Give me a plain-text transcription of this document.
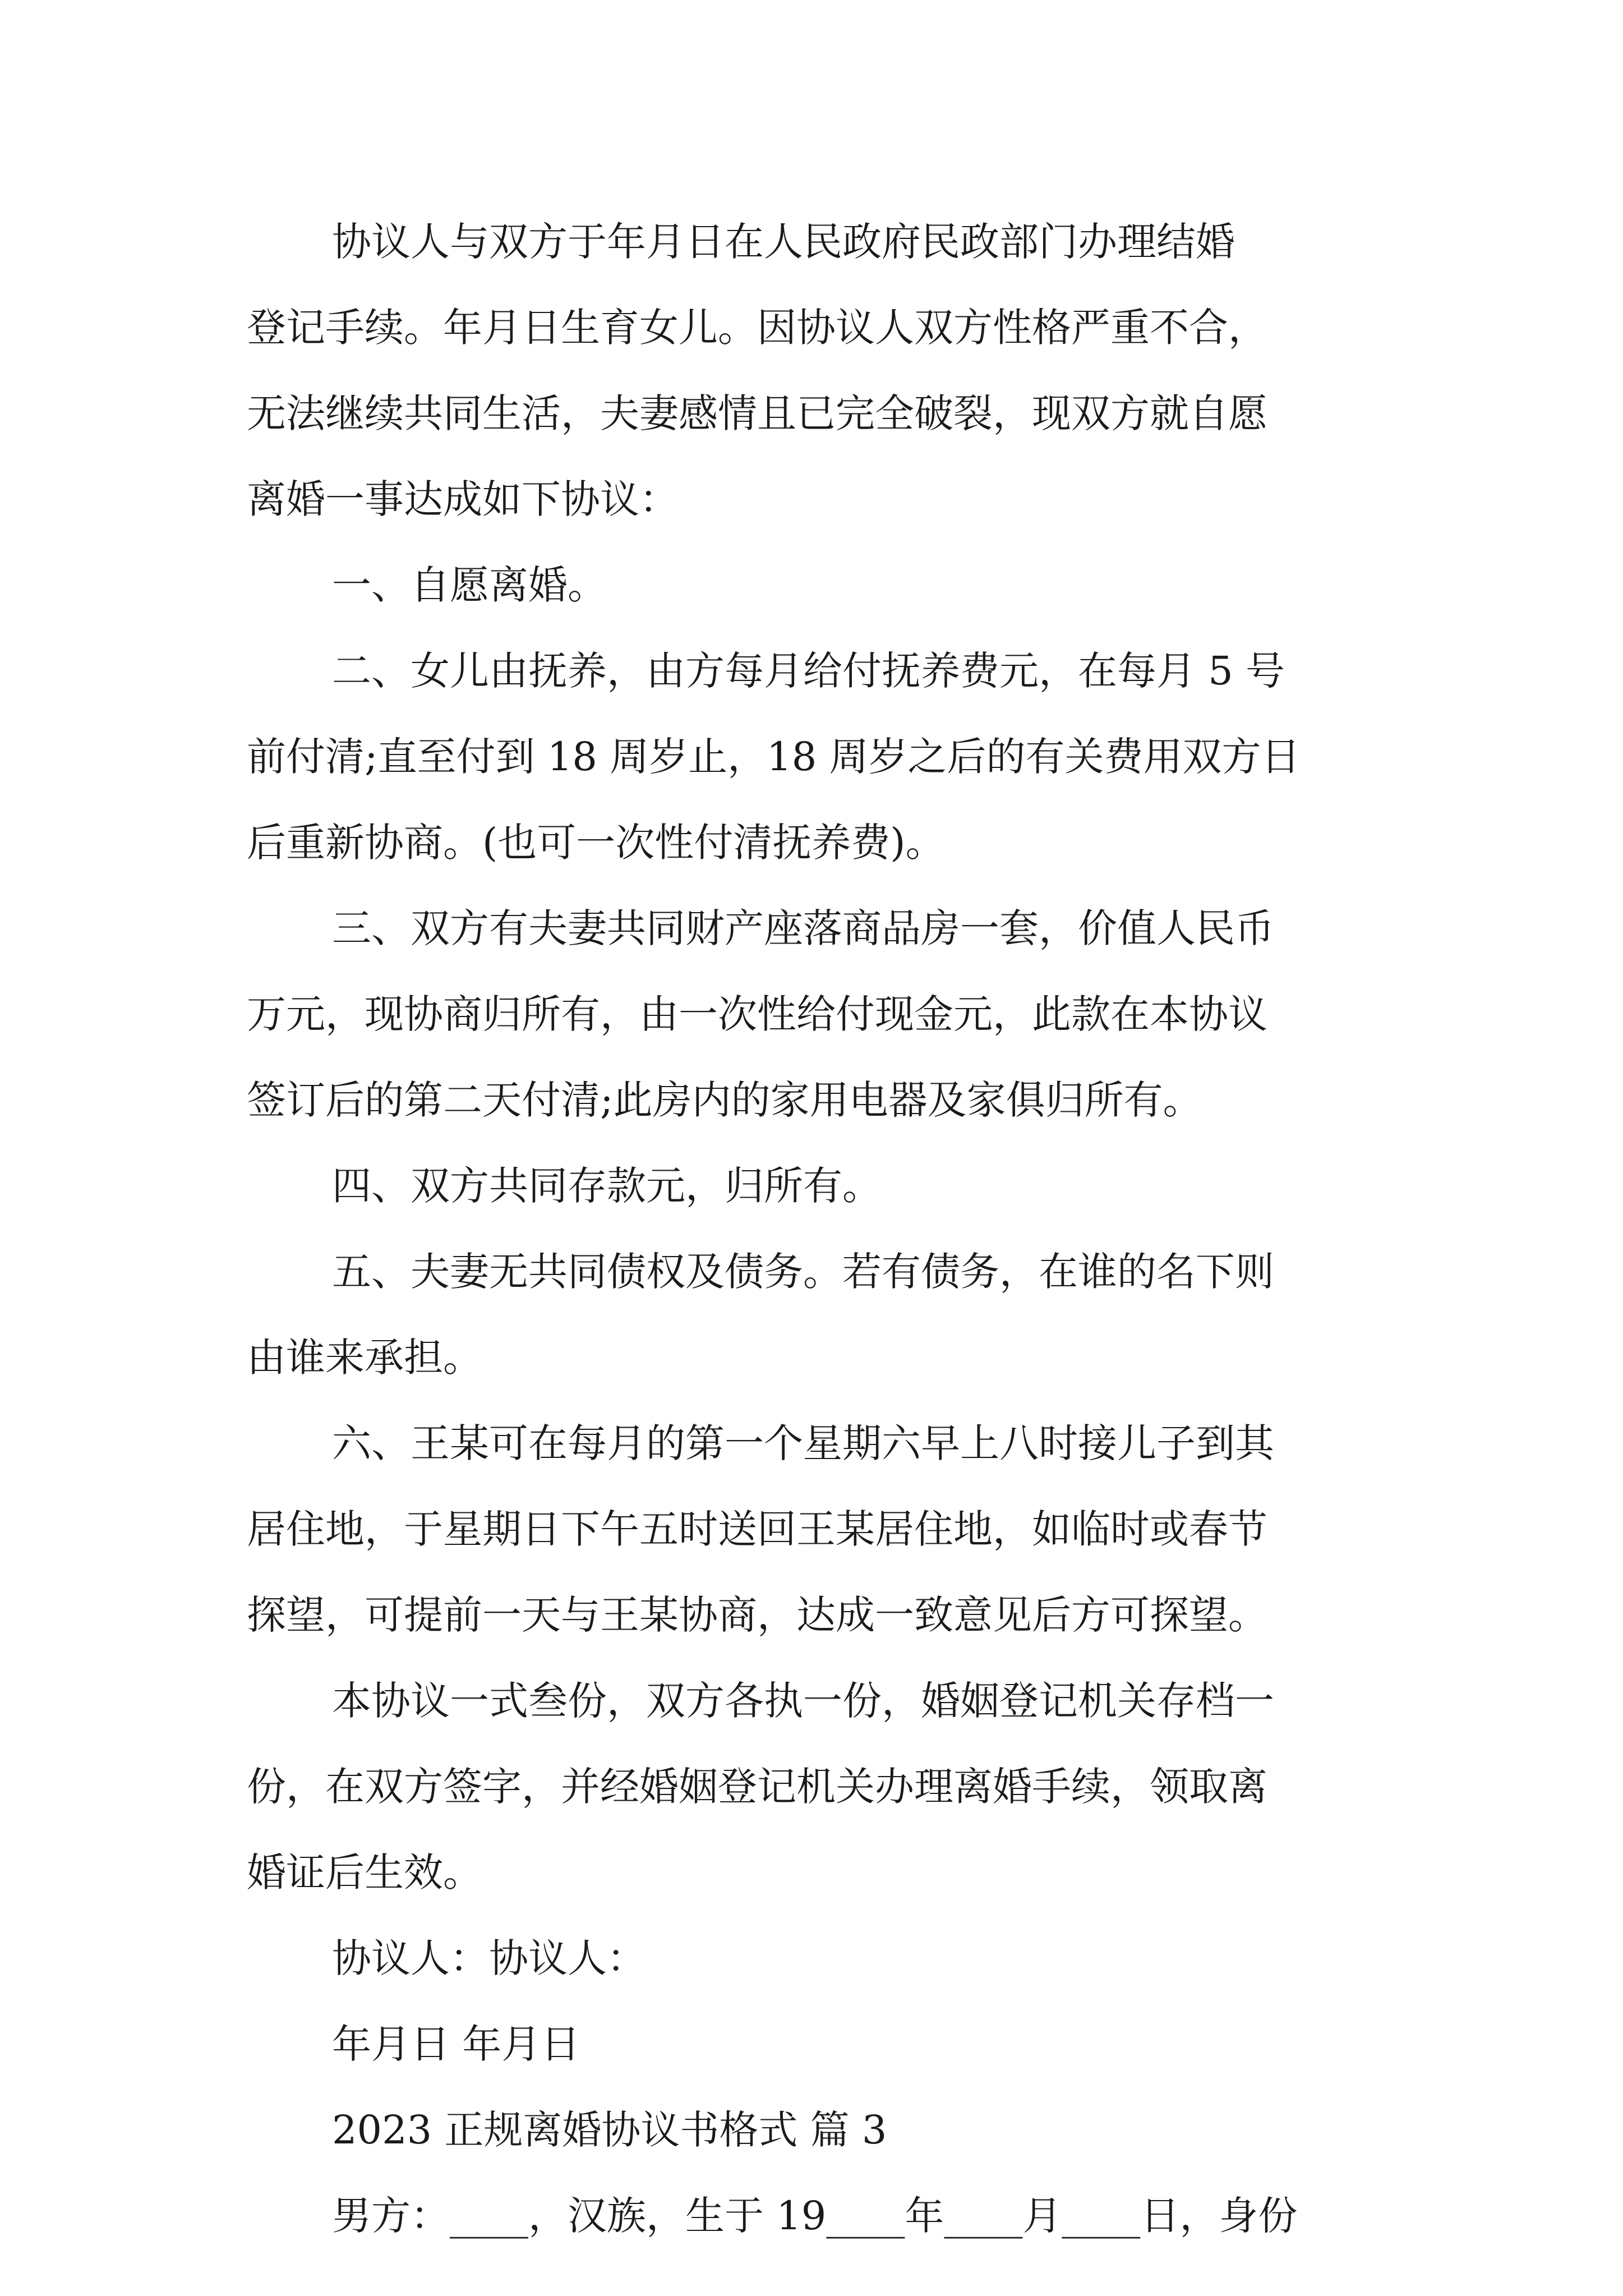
协议人与双方于年月日在人民政府民政部门办理结婚
登记手续。年月日生育女儿。因协议人双方性格严重不合，
无法继续共同生活，夫妻感情且已完全破裂，现双方就自愿
离婚一事达成如下协议：
一、自愿离婚。
二、女儿由抚养，由方每月给付抚养费元，在每月 5 号
前付清;直至付到 18 周岁止，18 周岁之后的有关费用双方日
后重新协商。(也可一次性付清抚养费)。
三、双方有夫妻共同财产座落商品房一套，价值人民币
万元，现协商归所有，由一次性给付现金元，此款在本协议
签订后的第二天付清;此房内的家用电器及家俱归所有。
四、双方共同存款元，归所有。
五、夫妻无共同债权及债务。若有债务，在谁的名下则
由谁来承担。
六、王某可在每月的第一个星期六早上八时接儿子到其
居住地，于星期日下午五时送回王某居住地，如临时或春节
探望，可提前一天与王某协商，达成一致意见后方可探望。
本协议一式叁份，双方各执一份，婚姻登记机关存档一
份，在双方签字，并经婚姻登记机关办理离婚手续，领取离
婚证后生效。
协议人：协议人：
年月日 年月日
2023 正规离婚协议书格式 篇 3
男方：____，汉族，生于 19____年____月____日，身份
